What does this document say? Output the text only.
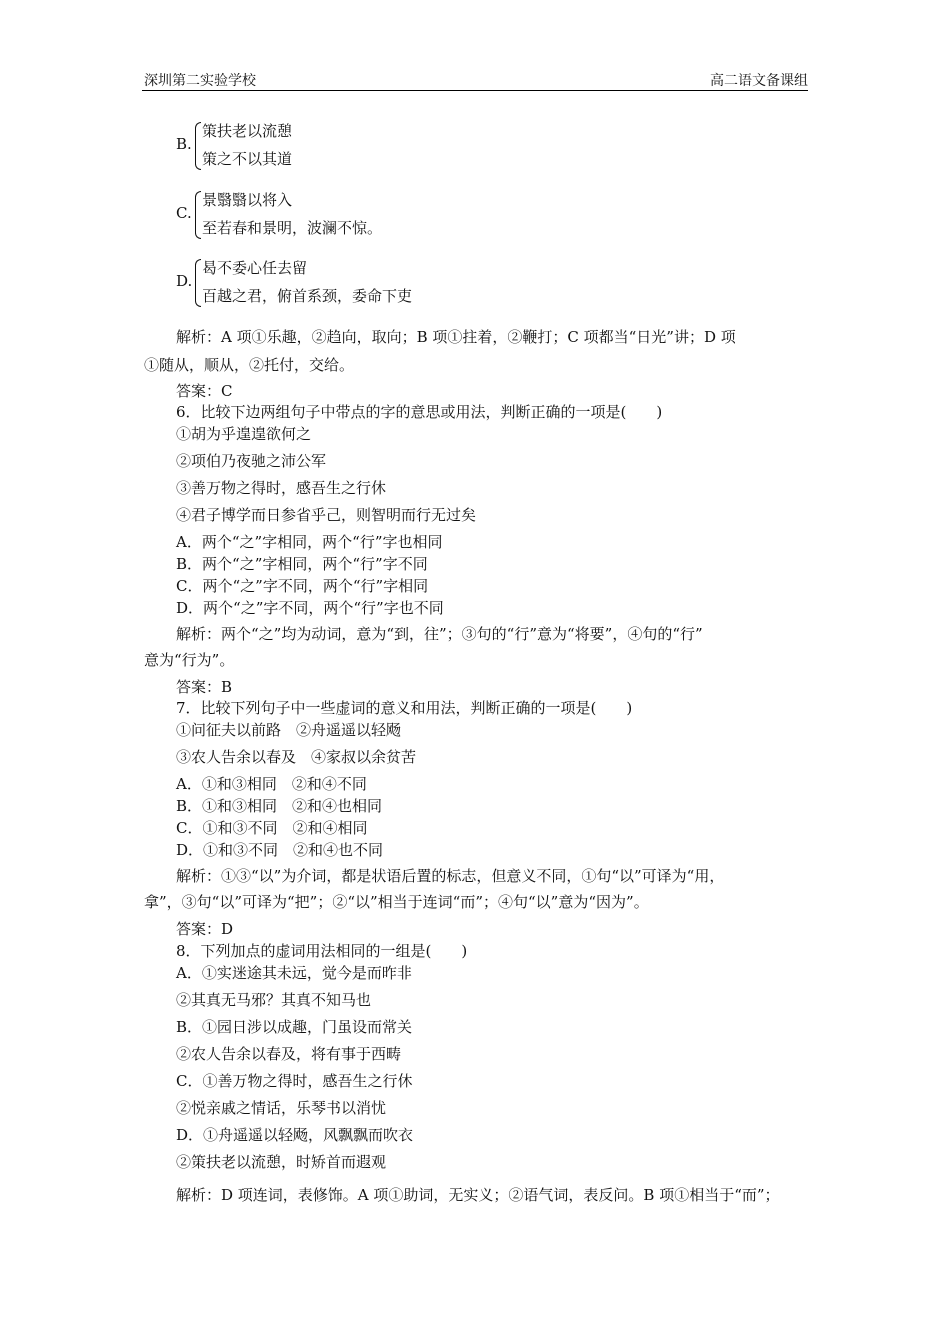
深圳第二实验学校	高二语文备课组
B.
策扶老以流憩
策之不以其道
C.
景翳翳以将入
至若春和景明，波澜不惊。
D.
曷不委心任去留
百越之君，俯首系颈，委命下吏
解析：A 项①乐趣，②趋向，取向；B 项①拄着，②鞭打；C 项都当“日光”讲；D 项
①随从，顺从，②托付，交给。
答案：C
6．比较下边两组句子中带点的字的意思或用法，判断正确的一项是(　　)
①胡为乎遑遑欲何之
②项伯乃夜驰之沛公军
③善万物之得时，感吾生之行休
④君子博学而日参省乎己，则智明而行无过矣
A．两个“之”字相同，两个“行”字也相同
B．两个“之”字相同，两个“行”字不同
C．两个“之”字不同，两个“行”字相同
D．两个“之”字不同，两个“行”字也不同
解析：两个“之”均为动词，意为“到，往”；③句的“行”意为“将要”，④句的“行”
意为“行为”。
答案：B
7．比较下列句子中一些虚词的意义和用法，判断正确的一项是(　　)
①问征夫以前路　②舟遥遥以轻飏
③农人告余以春及　④家叔以余贫苦
A．①和③相同　②和④不同
B．①和③相同　②和④也相同
C．①和③不同　②和④相同
D．①和③不同　②和④也不同
解析：①③“以”为介词，都是状语后置的标志，但意义不同，①句“以”可译为“用，
拿”，③句“以”可译为“把”；②“以”相当于连词“而”；④句“以”意为“因为”。
答案：D
8．下列加点的虚词用法相同的一组是(　　)
A．①实迷途其未远，觉今是而昨非
②其真无马邪？其真不知马也
B．①园日涉以成趣，门虽设而常关
②农人告余以春及，将有事于西畴
C．①善万物之得时，感吾生之行休
②悦亲戚之情话，乐琴书以消忧
D．①舟遥遥以轻飏，风飘飘而吹衣
②策扶老以流憩，时矫首而遐观
解析：D 项连词，表修饰。A 项①助词，无实义；②语气词，表反问。B 项①相当于“而”；
